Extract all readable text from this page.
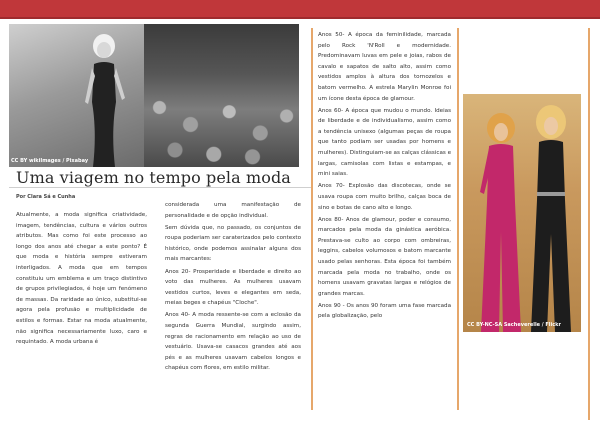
CC BY wikiImages / Pixabay
Uma viagem no tempo pela moda
Por Clara Sá e Cunha

Atualmente, a moda significa criatividade, imagem, tendências, cultura e vários outros atributos. Mas como foi este processo ao longo dos anos até chegar a este ponto? É que moda e história sempre estiveram interligados. A moda que em tempos constituiu um emblema e um traço distintivo de grupos privilegiados, é hoje um fenómeno de massas. Da raridade ao único, substitui-se agora pela profusão e multiplicidade de estilos e formas. Estar na moda atualmente, não significa necessariamente luxo, caro e requintado. A moda urbana é

considerada uma manifestação de personalidade e de opção individual.

Sem dúvida que, no passado, os conjuntos de roupa poderiam ser caraterizados pelo contexto histórico, onde podemos assinalar alguns dos mais marcantes:

Anos 20- Prosperidade e liberdade e direito ao voto das mulheres. As mulheres usavam vestidos curtos, leves e elegantes em seda, meias beges e chapéus "Cloche".

Anos 40- A moda ressente-se com a eclosão da segunda Guerra Mundial, surgindo assim, regras de racionamento em relação ao uso de vestuário. Usava-se casacos grandes até aos pés e as mulheres usavam cabelos longos e chapéus com flores, em estilo militar.

Anos 50- A época da feminilidade, marcada pelo Rock 'N'Roll e modernidade. Predominavam luvas em pele e joias, rabos de cavalo e sapatos de salto alto, assim como vestidos amplos à altura dos tornozelos e batom vermelho. A estrela Marylin Monroe foi um ícone desta época de glamour.

Anos 60- A época que mudou o mundo. Ideias de liberdade e de individualismo, assim como a tendência unisexo (algumas peças de roupa que tanto podiam ser usadas por homens e mulheres). Distinguiam-se as calças clássicas e largas, camisolas com listas e estampas, e mini saias.

Anos 70- Explosão das discotecas, onde se usava roupa com muito brilho, calças boca de sino e botas de cano alto e longo.

Anos 80- Anos de glamour, poder e consumo, marcados pela moda da ginástica aeróbica. Prestava-se culto ao corpo com ombreiras, leggins, cabelos volumosos e batom marcante usado pelas senhoras. Esta época foi também marcada pela moda no trabalho, onde os homens usavam gravatas largas e relógios de grandes marcas.

Anos 90 - Os anos 90 foram uma fase marcada pela globalização, pelo

CC BY-NC-SA Sacheverelle / Flickr
